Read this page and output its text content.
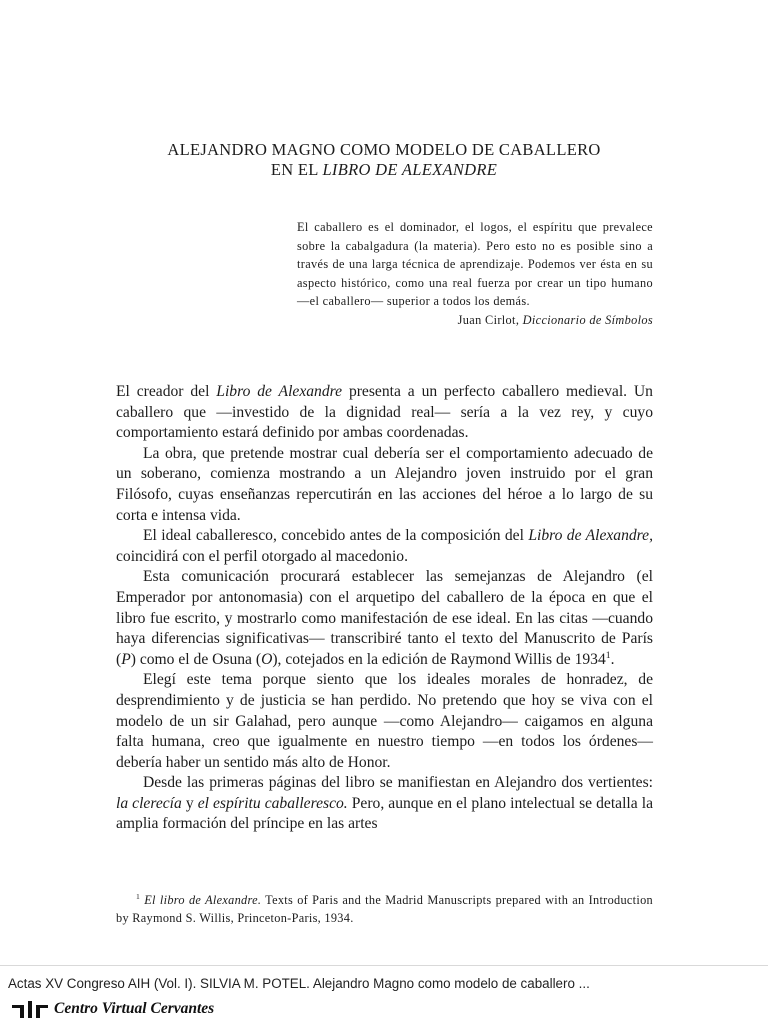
ALEJANDRO MAGNO COMO MODELO DE CABALLERO
EN EL LIBRO DE ALEXANDRE
El caballero es el dominador, el logos, el espíritu que prevalece sobre la cabalgadura (la materia). Pero esto no es posible sino a través de una larga técnica de aprendizaje. Podemos ver ésta en su aspecto histórico, como una real fuerza por crear un tipo humano —el caballero— superior a todos los demás.
Juan Cirlot, Diccionario de Símbolos

El creador del Libro de Alexandre presenta a un perfecto caballero medieval. Un caballero que —investido de la dignidad real— sería a la vez rey, y cuyo comportamiento estará definido por ambas coordenadas.

La obra, que pretende mostrar cual debería ser el comportamiento adecuado de un soberano, comienza mostrando a un Alejandro joven instruido por el gran Filósofo, cuyas enseñanzas repercutirán en las acciones del héroe a lo largo de su corta e intensa vida.

El ideal caballeresco, concebido antes de la composición del Libro de Alexandre, coincidirá con el perfil otorgado al macedonio.

Esta comunicación procurará establecer las semejanzas de Alejandro (el Emperador por antonomasia) con el arquetipo del caballero de la época en que el libro fue escrito, y mostrarlo como manifestación de ese ideal. En las citas —cuando haya diferencias significativas— transcribiré tanto el texto del Manuscrito de París (P) como el de Osuna (O), cotejados en la edición de Raymond Willis de 1934$^1$.

Elegí este tema porque siento que los ideales morales de honradez, de desprendimiento y de justicia se han perdido. No pretendo que hoy se viva con el modelo de un sir Galahad, pero aunque —como Alejandro— caigamos en alguna falta humana, creo que igualmente en nuestro tiempo —en todos los órdenes— debería haber un sentido más alto de Honor.

Desde las primeras páginas del libro se manifiestan en Alejandro dos vertientes: la clerecía y el espíritu caballeresco. Pero, aunque en el plano intelectual se detalla la amplia formación del príncipe en las artes

$^1$ El libro de Alexandre. Texts of Paris and the Madrid Manuscripts prepared with an Introduction by Raymond S. Willis, Princeton-Paris, 1934.
Actas XV Congreso AIH (Vol. I). SILVIA M. POTEL. Alejandro Magno como modelo de caballero ...
Centro Virtual Cervantes
